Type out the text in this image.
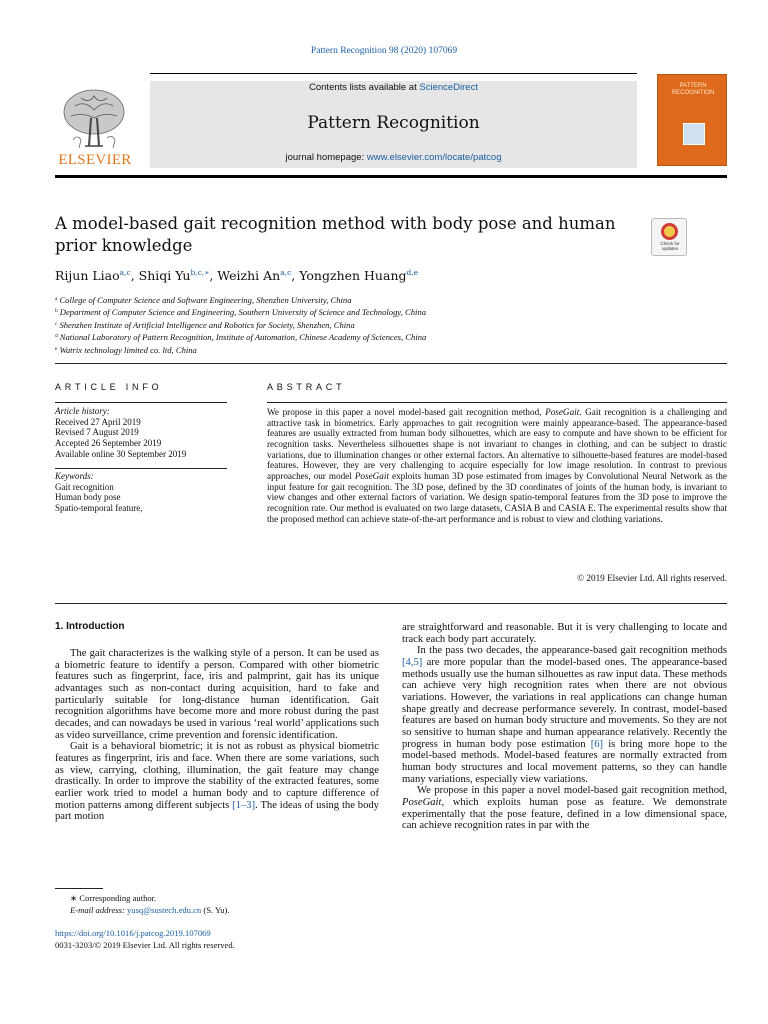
Pattern Recognition 98 (2020) 107069
Contents lists available at ScienceDirect
Pattern Recognition
journal homepage: www.elsevier.com/locate/patcog
ELSEVIER
PATTERN RECOGNITION
A model-based gait recognition method with body pose and human prior knowledge	Check for updates
Rijun Liao$^{a,c}$, Shiqi $Yu^{b,c,∗}$, Weizhi An$^{a,c}$, Yongzhen Huang$^{d,e}$
$^a$ College of Computer Science and Software Engineering, Shenzhen University, China
$^b$ Department of Computer Science and Engineering, Southern University of Science and Technology, China
$^c$ Shenzhen Institute of Artificial Intelligence and Robotics for Society, Shenzhen, China
$^d$ National Laboratory of Pattern Recognition, Institute of Automation, Chinese Academy of Sciences, China
$^e$ Watrix technology limited co. ltd, China
ARTICLE INFO
Article history:
Received 27 April 2019
Revised 7 August 2019
Accepted 26 September 2019
Available online 30 September 2019
Keywords:
Gait recognition
Human body pose
Spatio-temporal feature,
ABSTRACT
We propose in this paper a novel model-based gait recognition method, PoseGait. Gait recognition is a challenging and attractive task in biometrics. Early approaches to gait recognition were mainly appearance-based. The appearance-based features are usually extracted from human body silhouettes, which are easy to compute and have shown to be efficient for recognition tasks. Nevertheless silhouettes shape is not invariant to changes in clothing, and can be subject to drastic variations, due to illumination changes or other external factors. An alternative to silhouette-based features are model-based features. However, they are very challenging to acquire especially for low image resolution. In contrast to previous approaches, our model PoseGait exploits human 3D pose estimated from images by Convolutional Neural Network as the input feature for gait recognition. The 3D pose, defined by the 3D coordinates of joints of the human body, is invariant to view changes and other external factors of variation. We design spatio-temporal features from the 3D pose to improve the recognition rate. Our method is evaluated on two large datasets, CASIA B and CASIA E. The experimental results show that the proposed method can achieve state-of-the-art performance and is robust to view and clothing variations.
© 2019 Elsevier Ltd. All rights reserved.
1. Introduction

The gait characterizes is the walking style of a person. It can be used as a biometric feature to identify a person. Compared with other biometric features such as fingerprint, face, iris and palmprint, gait has its unique advantages such as non-contact during acquisition, hard to fake and particularly suitable for long-distance human identification. Gait recognition algorithms have become more and more robust during the past decades, and can nowadays be used in various ‘real world’ applications such as video surveillance, crime prevention and forensic identification.

Gait is a behavioral biometric; it is not as robust as physical biometric features as fingerprint, iris and face. When there are some variations, such as view, carrying, clothing, illumination, the gait feature may change drastically. In order to improve the stability of the extracted features, some earlier work tried to model a human body and to capture difference of motion patterns among different subjects [1–3]. The ideas of using the body part motion

are straightforward and reasonable. But it is very challenging to locate and track each body part accurately.

In the pass two decades, the appearance-based gait recognition methods [4,5] are more popular than the model-based ones. The appearance-based methods usually use the human silhouettes as raw input data. These methods can achieve very high recognition rates when there are not obvious variations. However, the variations in real applications can change human shape greatly and decrease performance severely. In contrast, model-based features are based on human body structure and movements. So they are not so sensitive to human shape and human appearance relatively. Recently the progress in human body pose estimation [6] is bring more hope to the model-based methods. Model-based features are normally extracted from human body structures and local movement patterns, so they can handle many variations, especially view variations.

We propose in this paper a novel model-based gait recognition method, PoseGait, which exploits human pose as feature. We demonstrate experimentally that the pose feature, defined in a low dimensional space, can achieve recognition rates in par with the

∗ Corresponding author.
E-mail address: yusq@sustech.edu.cn (S. Yu).
https://doi.org/10.1016/j.patcog.2019.107069
0031-3203/© 2019 Elsevier Ltd. All rights reserved.
